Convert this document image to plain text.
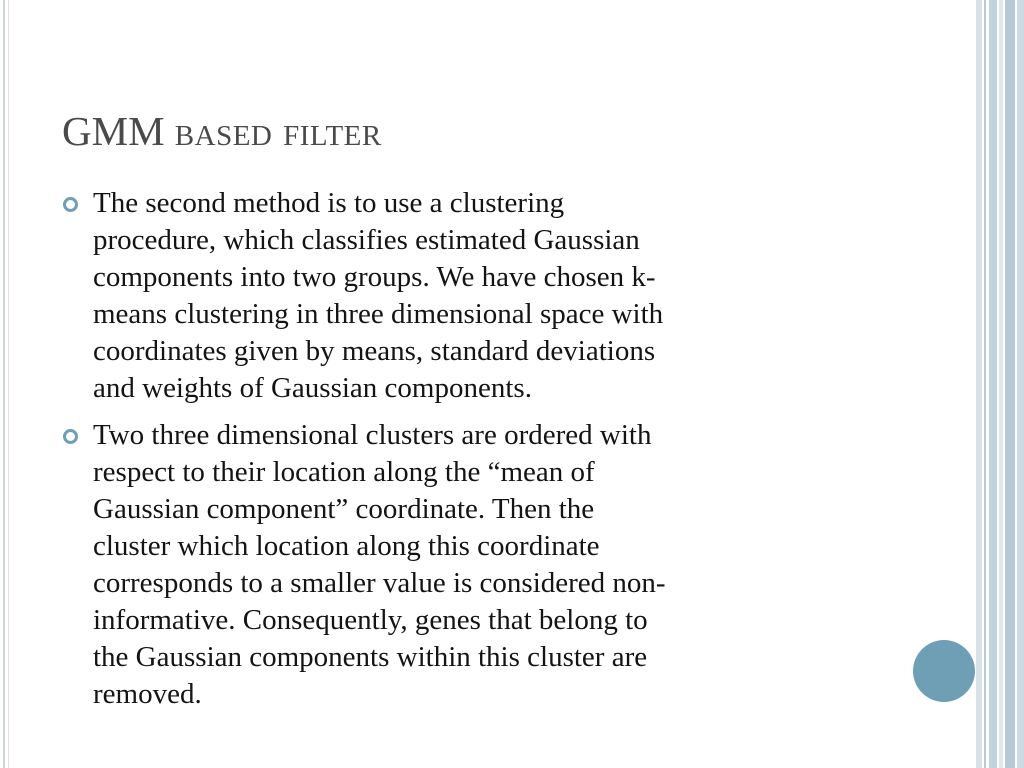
GMM based filter

The second method is to use a clustering
procedure, which classifies estimated Gaussian
components into two groups. We have chosen k-
means clustering in three dimensional space with
coordinates given by means, standard deviations
and weights of Gaussian components.

Two three dimensional clusters are ordered with
respect to their location along the “mean of
Gaussian component” coordinate. Then the
cluster which location along this coordinate
corresponds to a smaller value is considered non-
informative. Consequently, genes that belong to
the Gaussian components within this cluster are
removed.
